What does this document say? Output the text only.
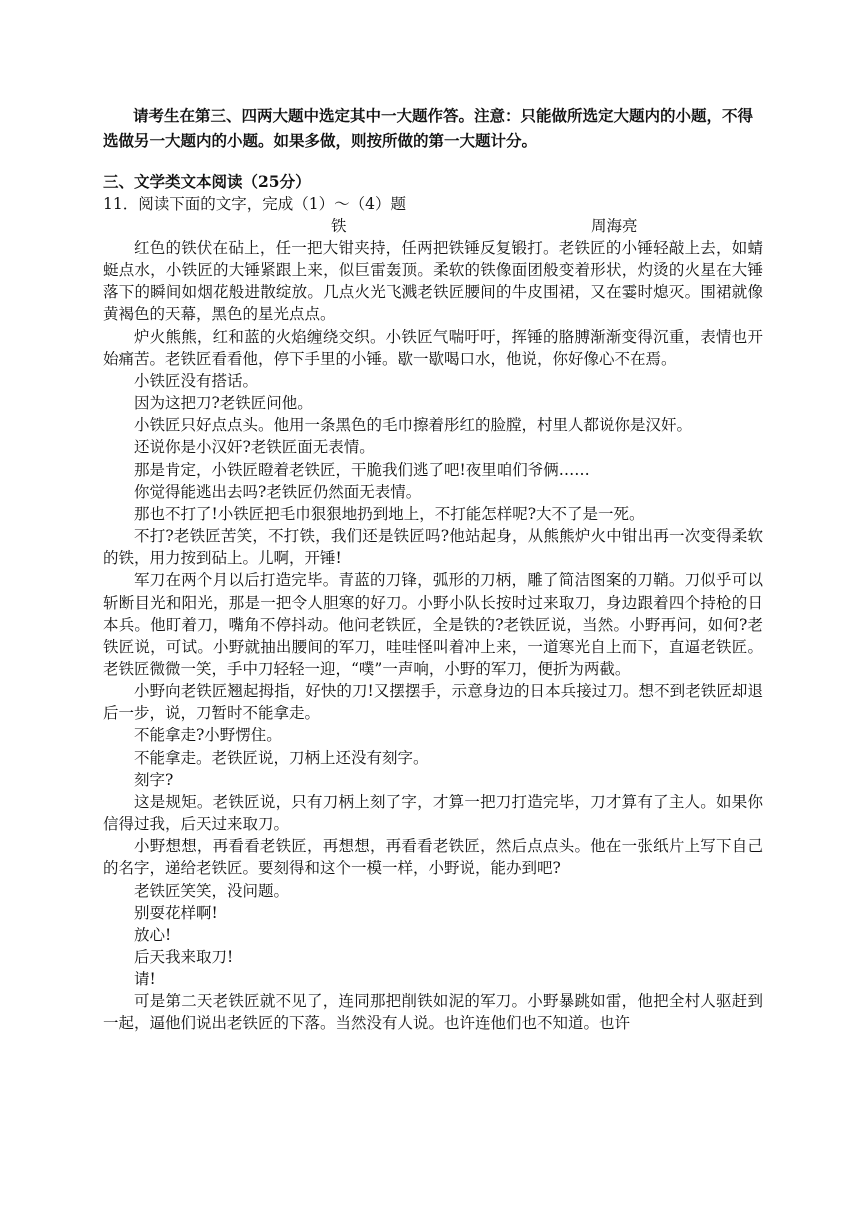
请考生在第三、四两大题中选定其中一大题作答。注意：只能做所选定大题内的小题，不得选做另一大题内的小题。如果多做，则按所做的第一大题计分。

三、文学类文本阅读（25分）

11．阅读下面的文字，完成（1）～（4）题

铁	周海亮

红色的铁伏在砧上，任一把大钳夹持，任两把铁锤反复锻打。老铁匠的小锤轻敲上去，如蜻蜓点水，小铁匠的大锤紧跟上来，似巨雷轰顶。柔软的铁像面团般变着形状，灼烫的火星在大锤落下的瞬间如烟花般进散绽放。几点火光飞溅老铁匠腰间的牛皮围裙，又在霎时熄灭。围裙就像黄褐色的天幕，黑色的星光点点。

炉火熊熊，红和蓝的火焰缠绕交织。小铁匠气喘吁吁，挥锤的胳膊渐渐变得沉重，表情也开始痛苦。老铁匠看看他，停下手里的小锤。歇一歇喝口水，他说，你好像心不在焉。

小铁匠没有搭话。

因为这把刀?老铁匠问他。

小铁匠只好点点头。他用一条黑色的毛巾擦着彤红的脸膛，村里人都说你是汉奸。

还说你是小汉奸?老铁匠面无表情。

那是肯定，小铁匠瞪着老铁匠，干脆我们逃了吧!夜里咱们爷俩……

你觉得能逃出去吗?老铁匠仍然面无表情。

那也不打了!小铁匠把毛巾狠狠地扔到地上，不打能怎样呢?大不了是一死。

不打?老铁匠苦笑，不打铁，我们还是铁匠吗?他站起身，从熊熊炉火中钳出再一次变得柔软的铁，用力按到砧上。儿啊，开锤!

军刀在两个月以后打造完毕。青蓝的刀锋，弧形的刀柄，雕了简洁图案的刀鞘。刀似乎可以斩断目光和阳光，那是一把令人胆寒的好刀。小野小队长按时过来取刀，身边跟着四个持枪的日本兵。他盯着刀，嘴角不停抖动。他问老铁匠，全是铁的?老铁匠说，当然。小野再问，如何?老铁匠说，可试。小野就抽出腰间的军刀，哇哇怪叫着冲上来，一道寒光自上而下，直逼老铁匠。老铁匠微微一笑，手中刀轻轻一迎，“噗”一声响，小野的军刀，便折为两截。

小野向老铁匠翘起拇指，好快的刀!又摆摆手，示意身边的日本兵接过刀。想不到老铁匠却退后一步，说，刀暂时不能拿走。

不能拿走?小野愣住。

不能拿走。老铁匠说，刀柄上还没有刻字。

刻字?

这是规矩。老铁匠说，只有刀柄上刻了字，才算一把刀打造完毕，刀才算有了主人。如果你信得过我，后天过来取刀。

小野想想，再看看老铁匠，再想想，再看看老铁匠，然后点点头。他在一张纸片上写下自己的名字，递给老铁匠。要刻得和这个一模一样，小野说，能办到吧?

老铁匠笑笑，没问题。

别耍花样啊!

放心!

后天我来取刀!

请!

可是第二天老铁匠就不见了，连同那把削铁如泥的军刀。小野暴跳如雷，他把全村人驱赶到一起，逼他们说出老铁匠的下落。当然没有人说。也许连他们也不知道。也许
